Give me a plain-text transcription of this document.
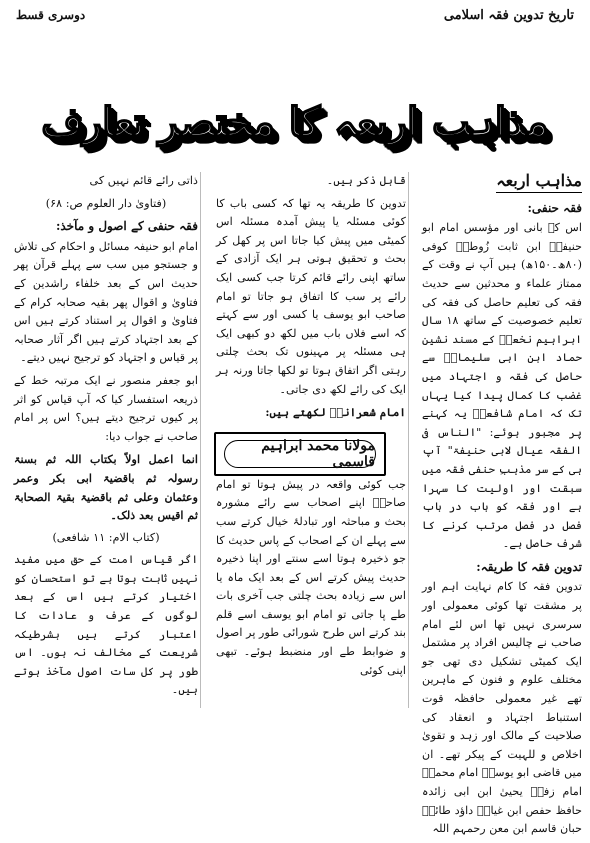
تاریخ تدوین فقہ اسلامی
دوسری قسط
مذاہب اربعہ کا مختصر تعارف
مذاہب اربعہ
فقہ حنفی:

اس کے بانی اور مؤسس امام ابو حنیفہؒ ابن ثابت زُوطیؒ کوفی (۸۰ھ۔۱۵۰ھ) ہیں آپ نے وقت کے ممتاز علماء و محدثین سے حدیث فقہ کی تعلیم حاصل کی فقہ کی تعلیم خصوصیت کے ساتھ ۱۸ سال ابراہیم نخعیؒ کے مسند نشین حماد ابن ابی سلیمانؒ سے حاصل کی فقہ و اجتہاد میں غضب کا کمال پیدا کیا یہاں تک کہ امام شافعیؒ یہ کہنے پر مجبور ہوئے: "الناس فی الفقہ عیال لابی حنیفۃ" آپ ہی کے سر مذہبِ حنفی فقہ میں سبقت اور اولیت کا سہرا ہے اور فقہ کو باب در باب فصل در فصل مرتب کرنے کا شرف حاصل ہے۔

تدوین فقہ کا طریقہ:

تدوین فقہ کا کام نہایت اہم اور پر مشقت تھا کوئی معمولی اور سرسری نہیں تھا اس لئے امام صاحب نے چالیس افراد پر مشتمل ایک کمیٹی تشکیل دی تھی جو مختلف علوم و فنون کے ماہرین تھے غیر معمولی حافظہ قوت استنباط اجتہاد و انعقاد کی صلاحیت کے مالک اور زہد و تقویٰ اخلاص و للہیت کے پیکر تھے۔ ان میں قاضی ابو یوسفؒ امام محمدؒ امام زفرؒ یحییٰ ابن ابی زائدہ حافظ حفص ابن غیاثؒ داؤد طائیؒ حبان قاسم ابن معن رحمہم اللہ

قابل ذکر ہیں۔

تدوین کا طریقہ یہ تھا کہ کسی باب کا کوئی مسئلہ یا پیش آمدہ مسئلہ اس کمیٹی میں پیش کیا جاتا اس پر کھل کر بحث و تحقیق ہوتی ہر ایک آزادی کے ساتھ اپنی رائے قائم کرتا جب کسی ایک رائے پر سب کا اتفاق ہو جاتا تو امام صاحب ابو یوسف یا کسی اور سے کہتے کہ اسے فلاں باب میں لکھ دو کبھی ایک ہی مسئلہ پر مہینوں تک بحث چلتی رہتی اگر اتفاق ہوتا تو لکھا جاتا ورنہ ہر ایک کی رائے لکھ دی جاتی۔

امام شعرانیؒ لکھتے ہیں:

جب کوئی واقعہ در پیش ہوتا تو امام صاحبؒ اپنے اصحاب سے رائے مشورہ بحث و مباحثہ اور تبادلۂ خیال کرتے سب سے پہلے ان کے اصحاب کے پاس حدیث کا جو ذخیرہ ہوتا اسے سنتے اور اپنا ذخیرہ حدیث پیش کرتے اس کے بعد ایک ماہ یا اس سے زیادہ بحث چلتی جب آخری بات طے پا جاتی تو امام ابو یوسف اسے قلم بند کرتے اس طرح شورائی طور پر اصول و ضوابط طے اور منضبط ہوئے۔ تبھی اپنی کوئی

ذاتی رائے قائم نہیں کی

(فتاویٰ دار العلوم ص: ۶۸)

فقہ حنفی کے اصول و مآخذ:

امام ابو حنیفہ مسائل و احکام کی تلاش و جستجو میں سب سے پہلے قرآن پھر حدیث اس کے بعد خلفاء راشدین کے فتاویٰ و اقوال پھر بقیہ صحابہ کرام کے فتاویٰ و اقوال پر استناد کرتے ہیں اس کے بعد اجتہاد کرتے ہیں اگر آثار صحابہ پر قیاس و اجتہاد کو ترجیح نہیں دیتے۔

ابو جعفر منصور نے ایک مرتبہ خط کے ذریعہ استفسار کیا کہ آپ قیاس کو اثر پر کیوں ترجیح دیتے ہیں؟ اس پر امام صاحب نے جواب دیا:

انما اعمل اولاً بکتاب اللہ ثم بسنۃ رسولہ ثم باقضیۃ ابی بکر وعمر وعثمان وعلی ثم باقضیۃ بقیۃ الصحابۃ ثم اقیس بعد ذلک۔

(کتاب الام: ۱۱ شافعی)

اگر قیاس امت کے حق میں مفید نہیں ثابت ہوتا ہے تو استحسان کو اختیار کرتے ہیں اس کے بعد لوگوں کے عرف و عادات کا اعتبار کرتے ہیں بشرطیکہ شریعت کے مخالف نہ ہوں۔ اس طور پر کل سات اصول مآخذ ہوتے ہیں۔

مولانا محمد ابراہیم قاسمی
